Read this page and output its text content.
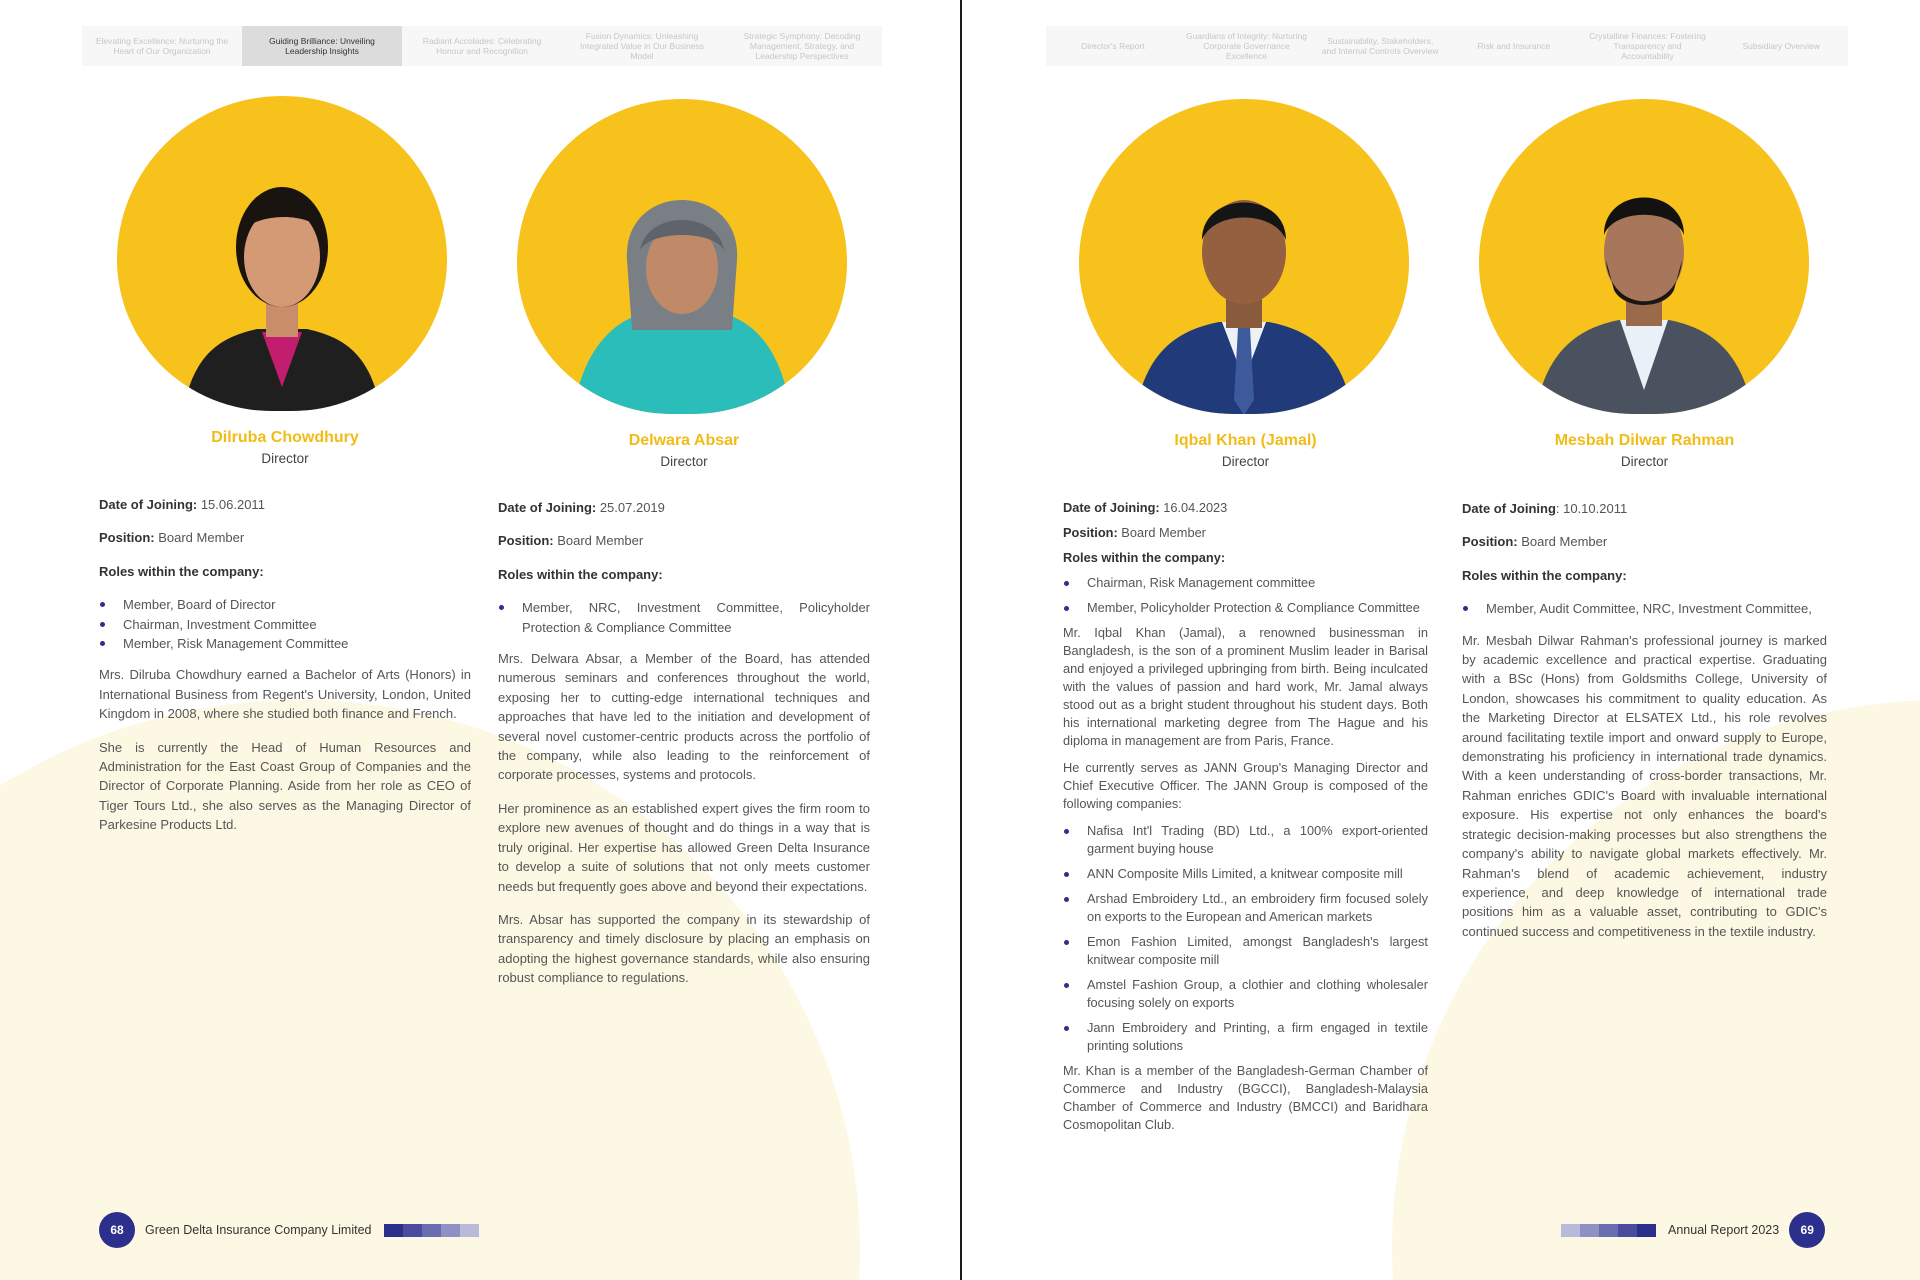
Elevating Excellence: Nurturing the Heart of Our Organization
Guiding Brilliance: Unveiling Leadership Insights
Radiant Accolades: Celebrating Honour and Recognition
Fusion Dynamics: Unleashing Integrated Value in Our Business Model
Strategic Symphony: Decoding Management, Strategy, and Leadership Perspectives
Dilruba Chowdhury
Director
Date of Joining: 15.06.2011
Position: Board Member
Roles within the company:
Member, Board of Director
Chairman, Investment Committee
Member, Risk Management Committee

Mrs. Dilruba Chowdhury earned a Bachelor of Arts (Honors) in International Business from Regent's University, London, United Kingdom in 2008, where she studied both finance and French.

She is currently the Head of Human Resources and Administration for the East Coast Group of Companies and the Director of Corporate Planning. Aside from her role as CEO of Tiger Tours Ltd., she also serves as the Managing Director of Parkesine Products Ltd.

Delwara Absar
Director
Date of Joining: 25.07.2019
Position: Board Member
Roles within the company:
Member, NRC, Investment Committee, Policyholder Protection & Compliance Committee

Mrs. Delwara Absar, a Member of the Board, has attended numerous seminars and conferences throughout the world, exposing her to cutting-edge international techniques and approaches that have led to the initiation and development of several novel customer-centric products across the portfolio of the company, while also leading to the reinforcement of corporate processes, systems and protocols.

Her prominence as an established expert gives the firm room to explore new avenues of thought and do things in a way that is truly original. Her expertise has allowed Green Delta Insurance to develop a suite of solutions that not only meets customer needs but frequently goes above and beyond their expectations.

Mrs. Absar has supported the company in its stewardship of transparency and timely disclosure by placing an emphasis on adopting the highest governance standards, while also ensuring robust compliance to regulations.

68	Green Delta Insurance Company Limited
Director's Report
Guardians of Integrity: Nurturing Corporate Governance Excellence
Sustainability, Stakeholders, and Internal Controls Overview	Risk and Insurance
Crystalline Finances: Fostering Transparency and Accountability
Subsidiary Overview
Iqbal Khan (Jamal)
Director
Date of Joining: 16.04.2023
Position: Board Member
Roles within the company:
Chairman, Risk Management committee
Member, Policyholder Protection & Compliance Committee

Mr. Iqbal Khan (Jamal), a renowned businessman in Bangladesh, is the son of a prominent Muslim leader in Barisal and enjoyed a privileged upbringing from birth. Being inculcated with the values of passion and hard work, Mr. Jamal always stood out as a bright student throughout his student days. Both his international marketing degree from The Hague and his diploma in management are from Paris, France.

He currently serves as JANN Group's Managing Director and Chief Executive Officer. The JANN Group is composed of the following companies:

Nafisa Int'l Trading (BD) Ltd., a 100% export-oriented garment buying house
ANN Composite Mills Limited, a knitwear composite mill
Arshad Embroidery Ltd., an embroidery firm focused solely on exports to the European and American markets
Emon Fashion Limited, amongst Bangladesh's largest knitwear composite mill
Amstel Fashion Group, a clothier and clothing wholesaler focusing solely on exports
Jann Embroidery and Printing, a firm engaged in textile printing solutions

Mr. Khan is a member of the Bangladesh-German Chamber of Commerce and Industry (BGCCI), Bangladesh-Malaysia Chamber of Commerce and Industry (BMCCI) and Baridhara Cosmopolitan Club.

Mesbah Dilwar Rahman
Director
Date of Joining: 10.10.2011
Position: Board Member
Roles within the company:
Member, Audit Committee, NRC, Investment Committee,

Mr. Mesbah Dilwar Rahman's professional journey is marked by academic excellence and practical expertise. Graduating with a BSc (Hons) from Goldsmiths College, University of London, showcases his commitment to quality education. As the Marketing Director at ELSATEX Ltd., his role revolves around facilitating textile import and onward supply to Europe, demonstrating his proficiency in international trade dynamics. With a keen understanding of cross-border transactions, Mr. Rahman enriches GDIC's Board with invaluable international exposure. His expertise not only enhances the board's strategic decision-making processes but also strengthens the company's ability to navigate global markets effectively. Mr. Rahman's blend of academic achievement, industry experience, and deep knowledge of international trade positions him as a valuable asset, contributing to GDIC's continued success and competitiveness in the textile industry.

Annual Report 2023	69
